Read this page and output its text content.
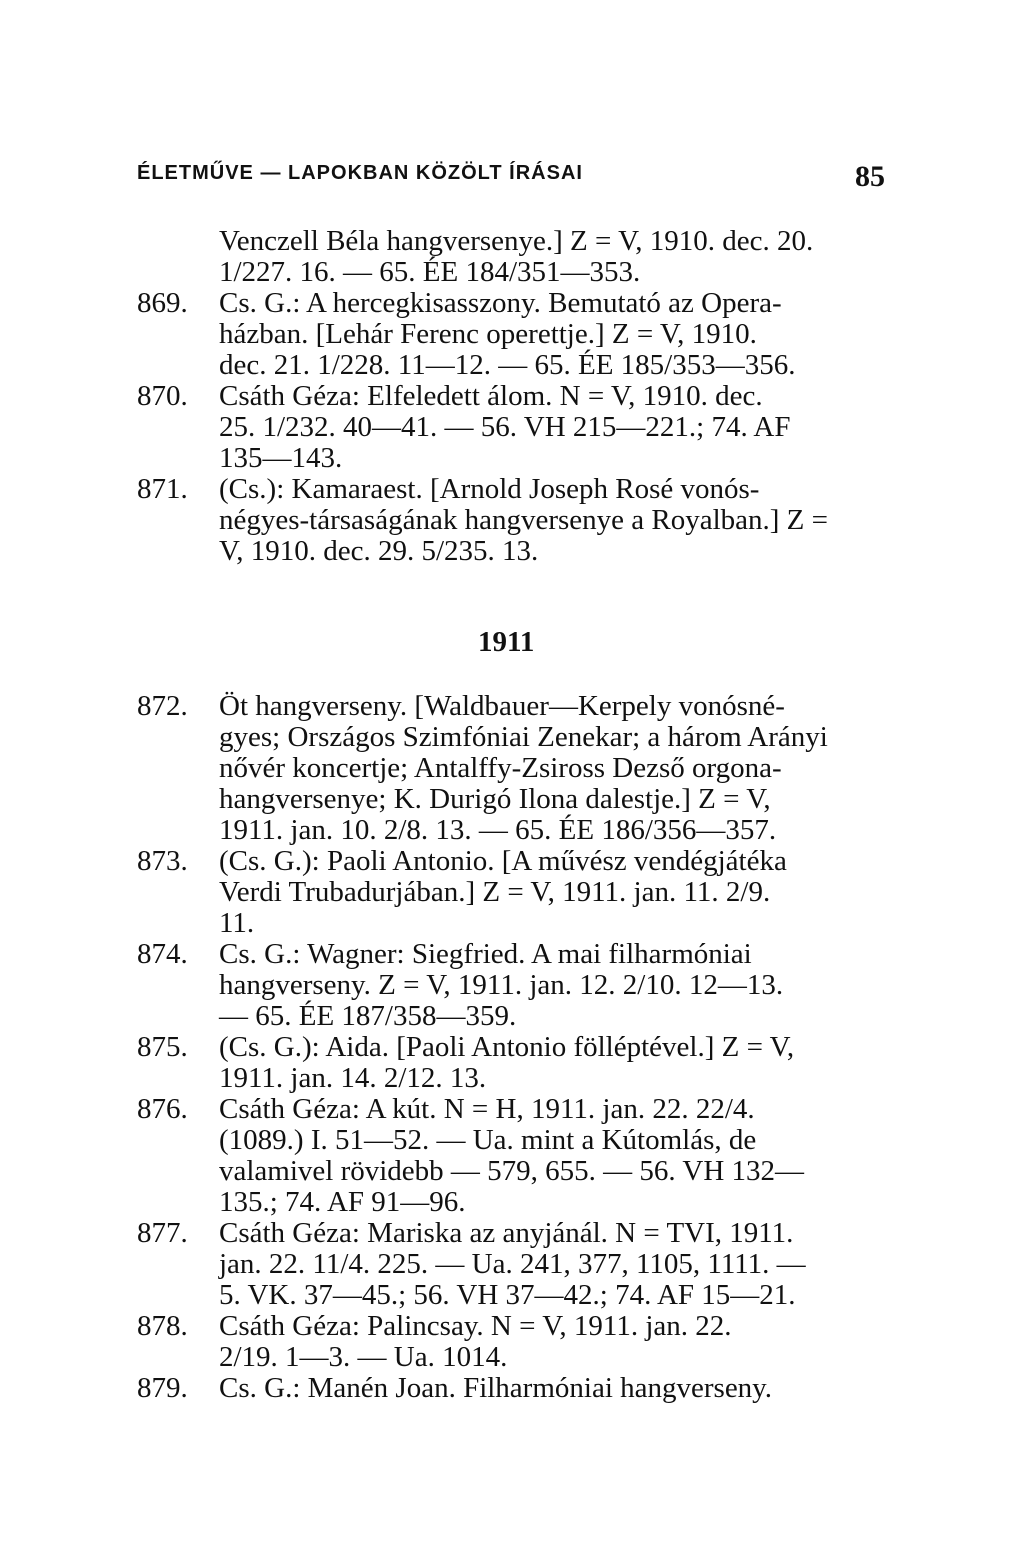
ÉLETMŰVE — LAPOKBAN KÖZÖLT ÍRÁSAI	85
Venczell Béla hangversenye.] Z = V, 1910. dec. 20.
1/227. 16. — 65. ÉE 184/351—353.
869. Cs. G.: A hercegkisasszony. Bemutató az Opera-
házban. [Lehár Ferenc operettje.] Z = V, 1910.
dec. 21. 1/228. 11—12. — 65. ÉE 185/353—356.
870. Csáth Géza: Elfeledett álom. N = V, 1910. dec.
25. 1/232. 40—41. — 56. VH 215—221.; 74. AF
135—143.
871. (Cs.): Kamaraest. [Arnold Joseph Rosé vonós-
négyes-társaságának hangversenye a Royalban.] Z =
V, 1910. dec. 29. 5/235. 13.
1911
872. Öt hangverseny. [Waldbauer—Kerpely vonósné-
gyes; Országos Szimfóniai Zenekar; a három Arányi
nővér koncertje; Antalffy-Zsiross Dezső orgona-
hangversenye; K. Durigó Ilona dalestje.] Z = V,
1911. jan. 10. 2/8. 13. — 65. ÉE 186/356—357.
873. (Cs. G.): Paoli Antonio. [A művész vendégjátéka
Verdi Trubadurjában.] Z = V, 1911. jan. 11. 2/9.
11.
874. Cs. G.: Wagner: Siegfried. A mai filharmóniai
hangverseny. Z = V, 1911. jan. 12. 2/10. 12—13.
— 65. ÉE 187/358—359.
875. (Cs. G.): Aida. [Paoli Antonio fölléptével.] Z = V,
1911. jan. 14. 2/12. 13.
876. Csáth Géza: A kút. N = H, 1911. jan. 22. 22/4.
(1089.) I. 51—52. — Ua. mint a Kútomlás, de
valamivel rövidebb — 579, 655. — 56. VH 132—
135.; 74. AF 91—96.
877. Csáth Géza: Mariska az anyjánál. N = TVI, 1911.
jan. 22. 11/4. 225. — Ua. 241, 377, 1105, 1111. —
5. VK. 37—45.; 56. VH 37—42.; 74. AF 15—21.
878. Csáth Géza: Palincsay. N = V, 1911. jan. 22.
2/19. 1—3. — Ua. 1014.
879. Cs. G.: Manén Joan. Filharmóniai hangverseny.
